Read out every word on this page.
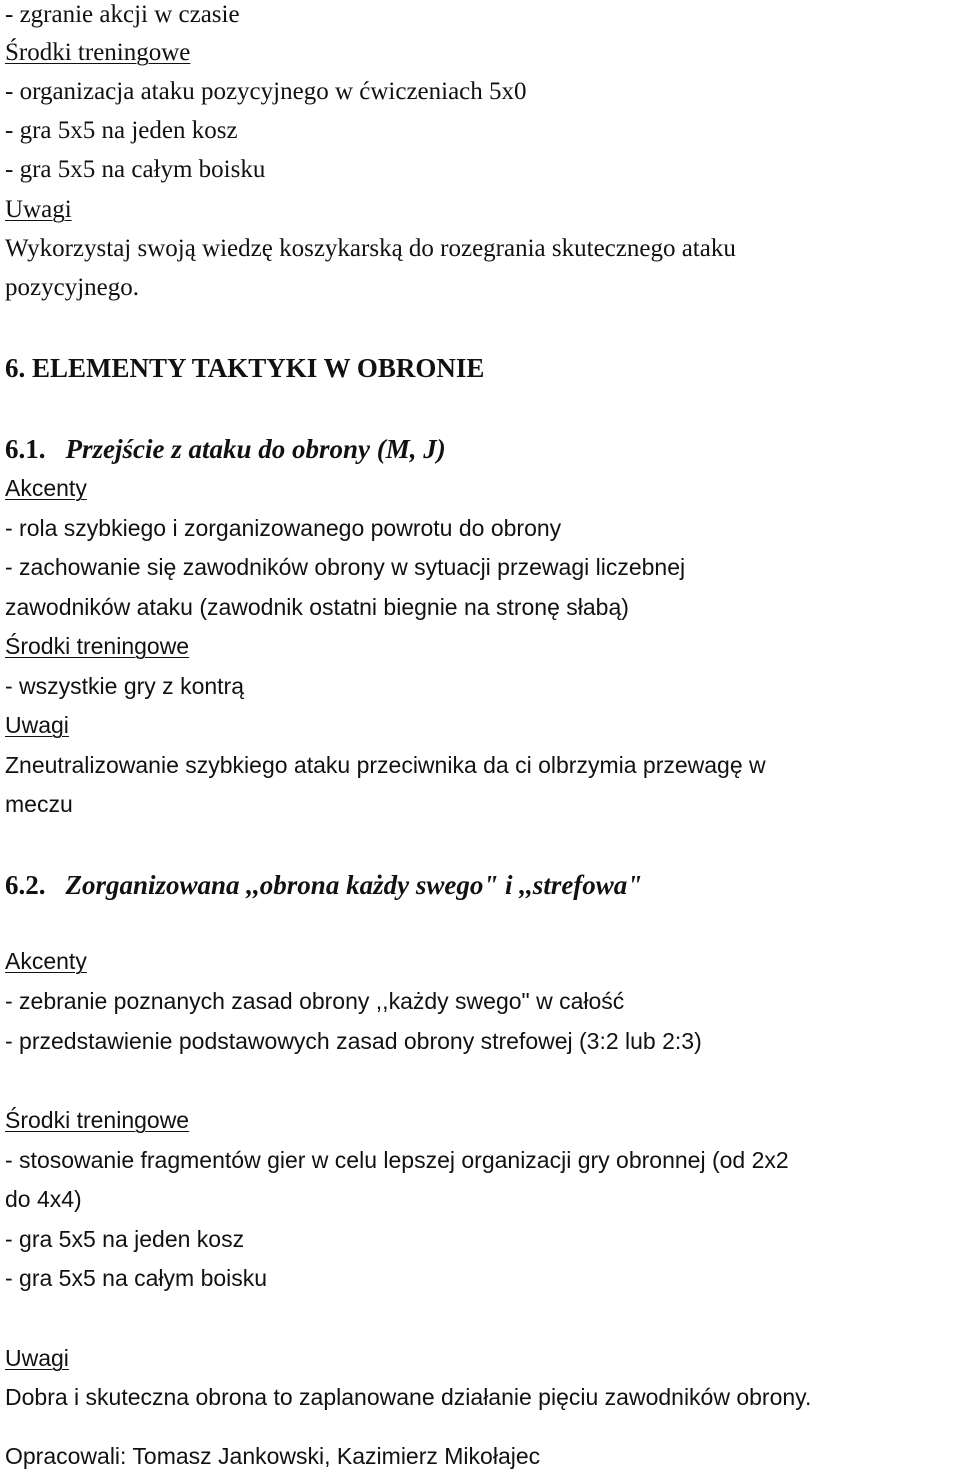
- zgranie akcji w czasie
Środki treningowe
- organizacja ataku pozycyjnego w ćwiczeniach 5x0
- gra 5x5 na jeden kosz
- gra 5x5 na całym boisku
Uwagi
Wykorzystaj swoją wiedzę koszykarską do rozegrania skutecznego ataku
pozycyjnego.
6. ELEMENTY TAKTYKI W OBRONIE
6.1. Przejście z ataku do obrony (M, J)
Akcenty
- rola szybkiego i zorganizowanego powrotu do obrony
- zachowanie się zawodników obrony w sytuacji przewagi liczebnej
zawodników ataku (zawodnik ostatni biegnie na stronę słabą)
Środki treningowe
- wszystkie gry z kontrą
Uwagi
Zneutralizowanie szybkiego ataku przeciwnika da ci olbrzymia przewagę w
meczu
6.2. Zorganizowana ,,obrona każdy swego" i ,,strefowa"
Akcenty
- zebranie poznanych zasad obrony ,,każdy swego" w całość
- przedstawienie podstawowych zasad obrony strefowej (3:2 lub 2:3)
Środki treningowe
- stosowanie fragmentów gier w celu lepszej organizacji gry obronnej (od 2x2
do 4x4)
- gra 5x5 na jeden kosz
- gra 5x5 na całym boisku
Uwagi
Dobra i skuteczna obrona to zaplanowane działanie pięciu zawodników obrony.
Opracowali: Tomasz Jankowski, Kazimierz Mikołajec
